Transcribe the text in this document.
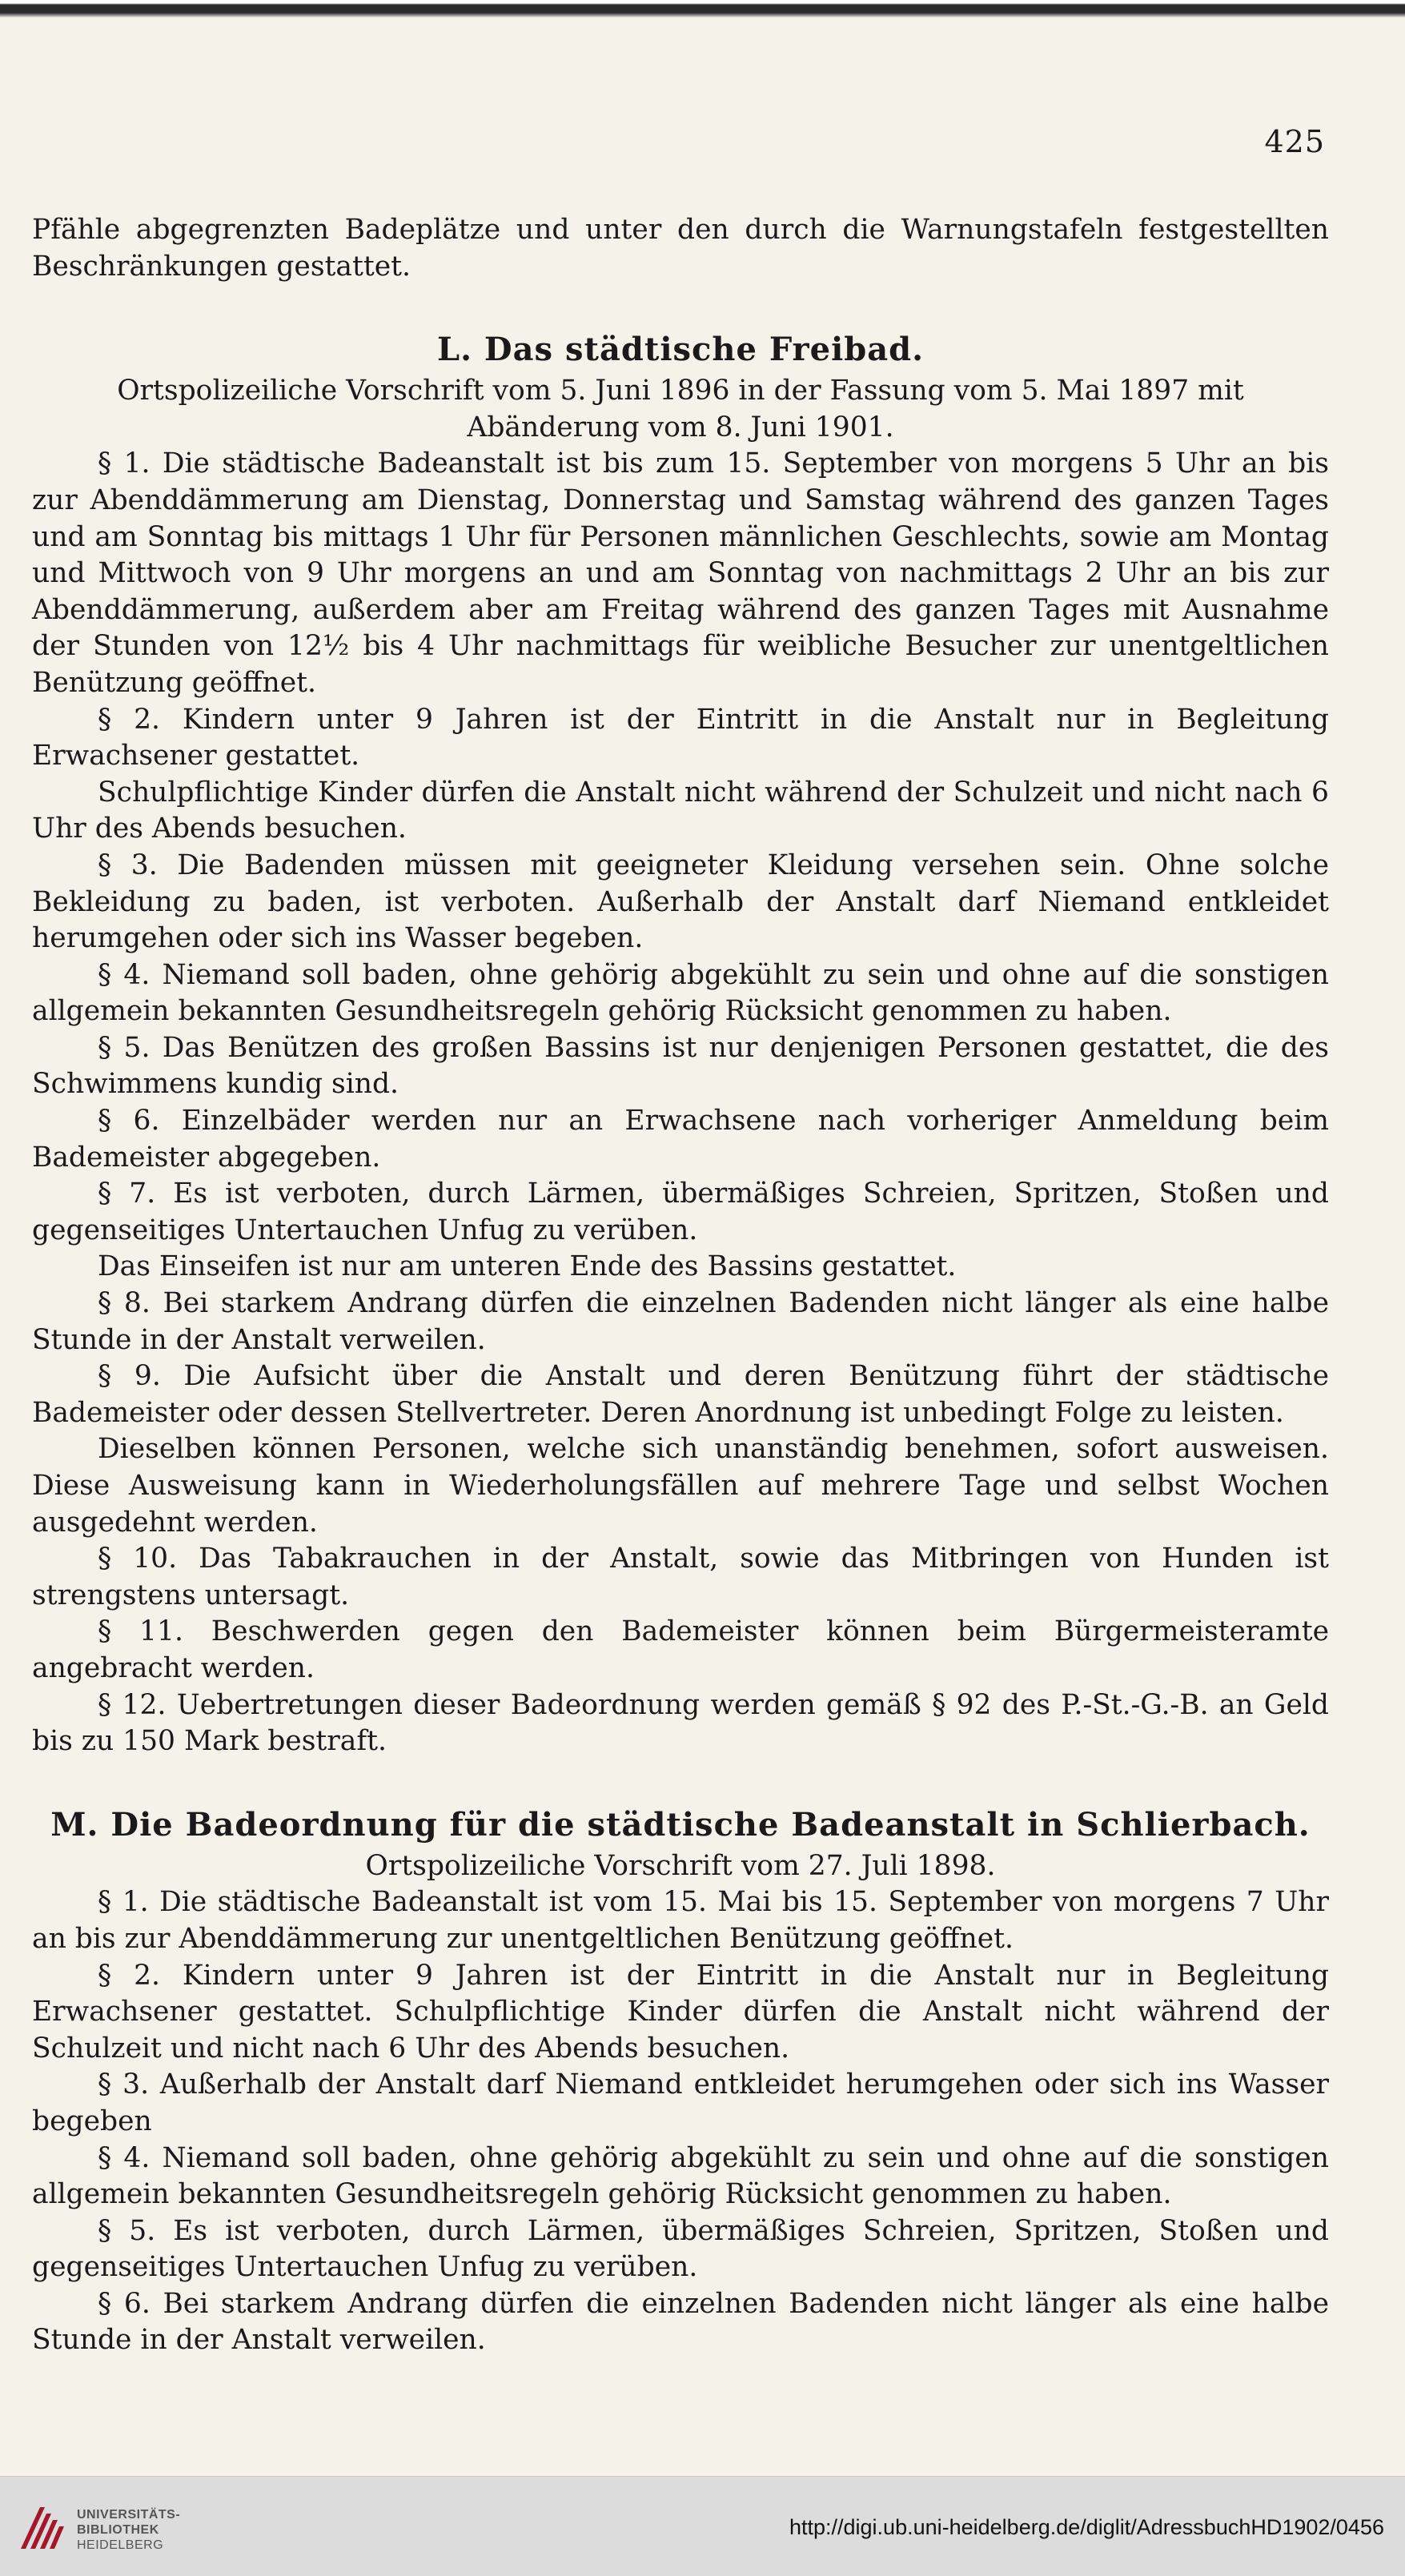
425

Pfähle abgegrenzten Badeplätze und unter den durch die Warnungstafeln festgestellten Beschränkungen gestattet.

L. Das städtische Freibad.

Ortspolizeiliche Vorschrift vom 5. Juni 1896 in der Fassung vom 5. Mai 1897 mit Abänderung vom 8. Juni 1901.

§ 1. Die städtische Badeanstalt ist bis zum 15. September von morgens 5 Uhr an bis zur Abenddämmerung am Dienstag, Donnerstag und Samstag während des ganzen Tages und am Sonntag bis mittags 1 Uhr für Personen männlichen Geschlechts, sowie am Montag und Mittwoch von 9 Uhr morgens an und am Sonntag von nachmittags 2 Uhr an bis zur Abenddämmerung, außerdem aber am Freitag während des ganzen Tages mit Ausnahme der Stunden von 12½ bis 4 Uhr nachmittags für weibliche Besucher zur unentgeltlichen Benützung geöffnet.

§ 2. Kindern unter 9 Jahren ist der Eintritt in die Anstalt nur in Begleitung Erwachsener gestattet.

Schulpflichtige Kinder dürfen die Anstalt nicht während der Schulzeit und nicht nach 6 Uhr des Abends besuchen.

§ 3. Die Badenden müssen mit geeigneter Kleidung versehen sein. Ohne solche Bekleidung zu baden, ist verboten. Außerhalb der Anstalt darf Niemand entkleidet herumgehen oder sich ins Wasser begeben.

§ 4. Niemand soll baden, ohne gehörig abgekühlt zu sein und ohne auf die sonstigen allgemein bekannten Gesundheitsregeln gehörig Rücksicht genommen zu haben.

§ 5. Das Benützen des großen Bassins ist nur denjenigen Personen gestattet, die des Schwimmens kundig sind.

§ 6. Einzelbäder werden nur an Erwachsene nach vorheriger Anmeldung beim Bademeister abgegeben.

§ 7. Es ist verboten, durch Lärmen, übermäßiges Schreien, Spritzen, Stoßen und gegenseitiges Untertauchen Unfug zu verüben.

Das Einseifen ist nur am unteren Ende des Bassins gestattet.

§ 8. Bei starkem Andrang dürfen die einzelnen Badenden nicht länger als eine halbe Stunde in der Anstalt verweilen.

§ 9. Die Aufsicht über die Anstalt und deren Benützung führt der städtische Bademeister oder dessen Stellvertreter. Deren Anordnung ist unbedingt Folge zu leisten.

Dieselben können Personen, welche sich unanständig benehmen, sofort ausweisen. Diese Ausweisung kann in Wiederholungsfällen auf mehrere Tage und selbst Wochen ausgedehnt werden.

§ 10. Das Tabakrauchen in der Anstalt, sowie das Mitbringen von Hunden ist strengstens untersagt.

§ 11. Beschwerden gegen den Bademeister können beim Bürgermeisteramte angebracht werden.

§ 12. Uebertretungen dieser Badeordnung werden gemäß § 92 des P.-St.-G.-B. an Geld bis zu 150 Mark bestraft.

M. Die Badeordnung für die städtische Badeanstalt in Schlierbach.

Ortspolizeiliche Vorschrift vom 27. Juli 1898.

§ 1. Die städtische Badeanstalt ist vom 15. Mai bis 15. September von morgens 7 Uhr an bis zur Abenddämmerung zur unentgeltlichen Benützung geöffnet.

§ 2. Kindern unter 9 Jahren ist der Eintritt in die Anstalt nur in Begleitung Erwachsener gestattet. Schulpflichtige Kinder dürfen die Anstalt nicht während der Schulzeit und nicht nach 6 Uhr des Abends besuchen.

§ 3. Außerhalb der Anstalt darf Niemand entkleidet herumgehen oder sich ins Wasser begeben

§ 4. Niemand soll baden, ohne gehörig abgekühlt zu sein und ohne auf die sonstigen allgemein bekannten Gesundheitsregeln gehörig Rücksicht genommen zu haben.

§ 5. Es ist verboten, durch Lärmen, übermäßiges Schreien, Spritzen, Stoßen und gegenseitiges Untertauchen Unfug zu verüben.

§ 6. Bei starkem Andrang dürfen die einzelnen Badenden nicht länger als eine halbe Stunde in der Anstalt verweilen.

UNIVERSITÄTS-
BIBLIOTHEK
HEIDELBERG
http://digi.ub.uni-heidelberg.de/diglit/AdressbuchHD1902/0456
